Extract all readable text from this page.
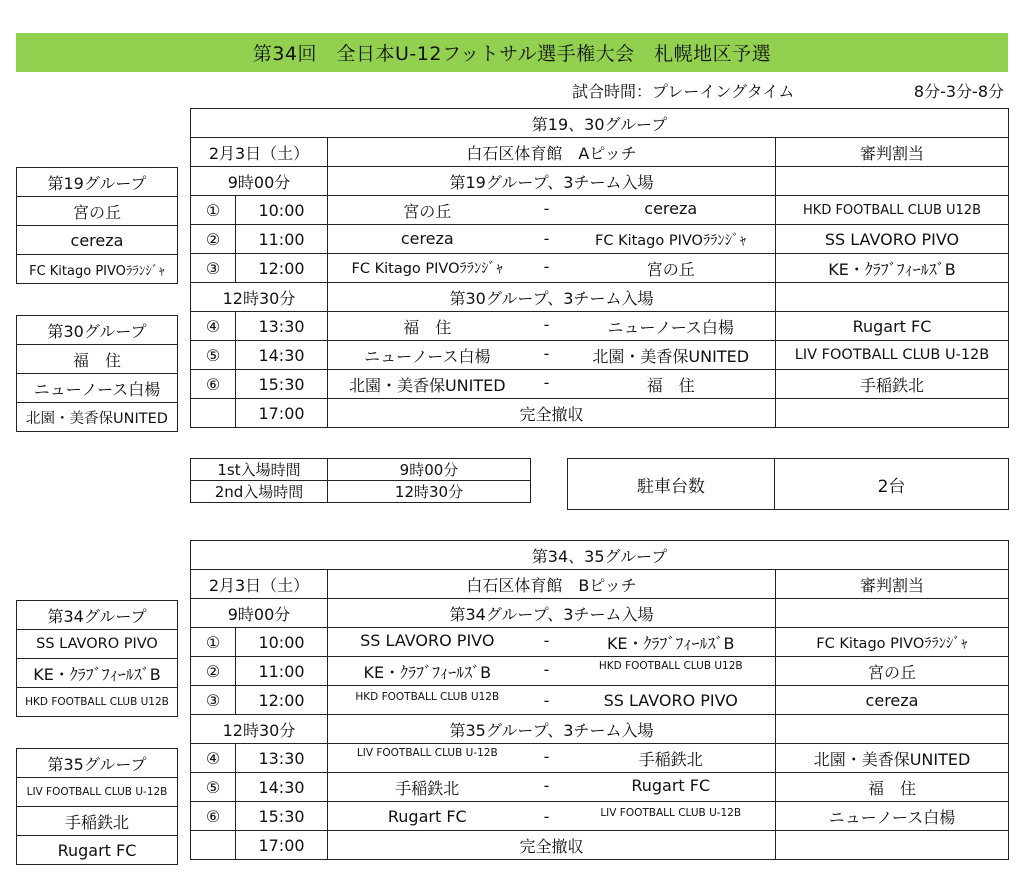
第34回　全日本U-12フットサル選手権大会　札幌地区予選
試合時間：プレーイングタイム	8分-3分-8分
第19、30グループ			
2月3日（土）		白石区体育館　Aピッチ	審判割当
9時00分		第19グループ、3チーム入場	
①	10:00	宮の丘 - cereza	HKD FOOTBALL CLUB U12B
②	11:00	cereza - FC Kitago PIVOﾗﾗﾝｼﾞｬ	SS LAVORO PIVO
③	12:00	FC Kitago PIVOﾗﾗﾝｼﾞｬ - 宮の丘	KE・ｸﾗﾌﾞﾌｨｰﾙｽﾞB
12時30分		第30グループ、3チーム入場	
④	13:30	福　住 - ニューノース白楊	Rugart FC
⑤	14:30	ニューノース白楊 - 北園・美香保UNITED	LIV FOOTBALL CLUB U-12B
⑥	15:30	北園・美香保UNITED - 福　住	手稲鉄北
	17:00	完全撤収	
第19グループ
宮の丘
cereza
FC Kitago PIVOﾗﾗﾝｼﾞｬ
第30グループ
福　住
ニューノース白楊
北園・美香保UNITED
1st入場時間	9時00分
2nd入場時間	12時30分	駐車台数	2台
第34、35グループ			
2月3日（土）		白石区体育館　Bピッチ	審判割当
9時00分		第34グループ、3チーム入場	
①	10:00	SS LAVORO PIVO - KE・ｸﾗﾌﾞﾌｨｰﾙｽﾞB	FC Kitago PIVOﾗﾗﾝｼﾞｬ
②	11:00	KE・ｸﾗﾌﾞﾌｨｰﾙｽﾞB - HKD FOOTBALL CLUB U12B	宮の丘
③	12:00	HKD FOOTBALL CLUB U12B - SS LAVORO PIVO	cereza
12時30分		第35グループ、3チーム入場	
④	13:30	LIV FOOTBALL CLUB U-12B - 手稲鉄北	北園・美香保UNITED
⑤	14:30	手稲鉄北 - Rugart FC	福　住
⑥	15:30	Rugart FC - LIV FOOTBALL CLUB U-12B	ニューノース白楊
	17:00	完全撤収	
第34グループ
SS LAVORO PIVO
KE・ｸﾗﾌﾞﾌｨｰﾙｽﾞB
HKD FOOTBALL CLUB U12B
第35グループ
LIV FOOTBALL CLUB U-12B
手稲鉄北
Rugart FC
